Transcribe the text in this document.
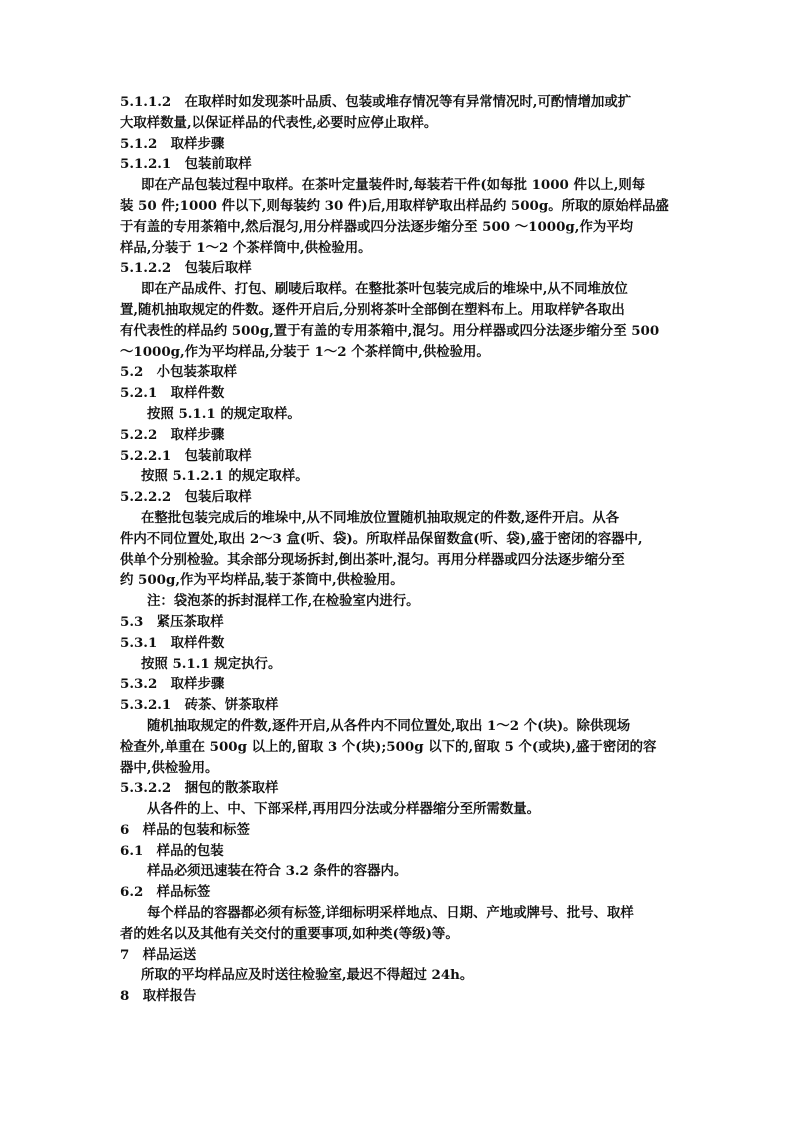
5.1.1.2　在取样时如发现茶叶品质、包装或堆存情况等有异常情况时,可酌情增加或扩
大取样数量,以保证样品的代表性,必要时应停止取样。
5.1.2　取样步骤
5.1.2.1　包装前取样
即在产品包装过程中取样。在茶叶定量装件时,每装若干件(如每批 1000 件以上,则每
装 50 件;1000 件以下,则每装约 30 件)后,用取样铲取出样品约 500g。所取的原始样品盛
于有盖的专用茶箱中,然后混匀,用分样器或四分法逐步缩分至 500 ～1000g,作为平均
样品,分装于 1～2 个茶样筒中,供检验用。
5.1.2.2　包装后取样
即在产品成件、打包、刷唛后取样。在整批茶叶包装完成后的堆垛中,从不同堆放位
置,随机抽取规定的件数。逐件开启后,分别将茶叶全部倒在塑料布上。用取样铲各取出
有代表性的样品约 500g,置于有盖的专用茶箱中,混匀。用分样器或四分法逐步缩分至 500
～1000g,作为平均样品,分装于 1～2 个茶样筒中,供检验用。
5.2　小包装茶取样
5.2.1　取样件数
按照 5.1.1 的规定取样。
5.2.2　取样步骤
5.2.2.1　包装前取样
按照 5.1.2.1 的规定取样。
5.2.2.2　包装后取样
在整批包装完成后的堆垛中,从不同堆放位置随机抽取规定的件数,逐件开启。从各
件内不同位置处,取出 2～3 盒(听、袋)。所取样品保留数盒(听、袋),盛于密闭的容器中,
供单个分别检验。其余部分现场拆封,倒出茶叶,混匀。再用分样器或四分法逐步缩分至
约 500g,作为平均样品,装于茶筒中,供检验用。
注：袋泡茶的拆封混样工作,在检验室内进行。
5.3　紧压茶取样
5.3.1　取样件数
按照 5.1.1 规定执行。
5.3.2　取样步骤
5.3.2.1　砖茶、饼茶取样
随机抽取规定的件数,逐件开启,从各件内不同位置处,取出 1～2 个(块)。除供现场
检查外,单重在 500g 以上的,留取 3 个(块);500g 以下的,留取 5 个(或块),盛于密闭的容
器中,供检验用。
5.3.2.2　捆包的散茶取样
从各件的上、中、下部采样,再用四分法或分样器缩分至所需数量。
6　样品的包装和标签
6.1　样品的包装
样品必须迅速装在符合 3.2 条件的容器内。
6.2　样品标签
每个样品的容器都必须有标签,详细标明采样地点、日期、产地或牌号、批号、取样
者的姓名以及其他有关交付的重要事项,如种类(等级)等。
7　样品运送
所取的平均样品应及时送往检验室,最迟不得超过 24h。
8　取样报告
